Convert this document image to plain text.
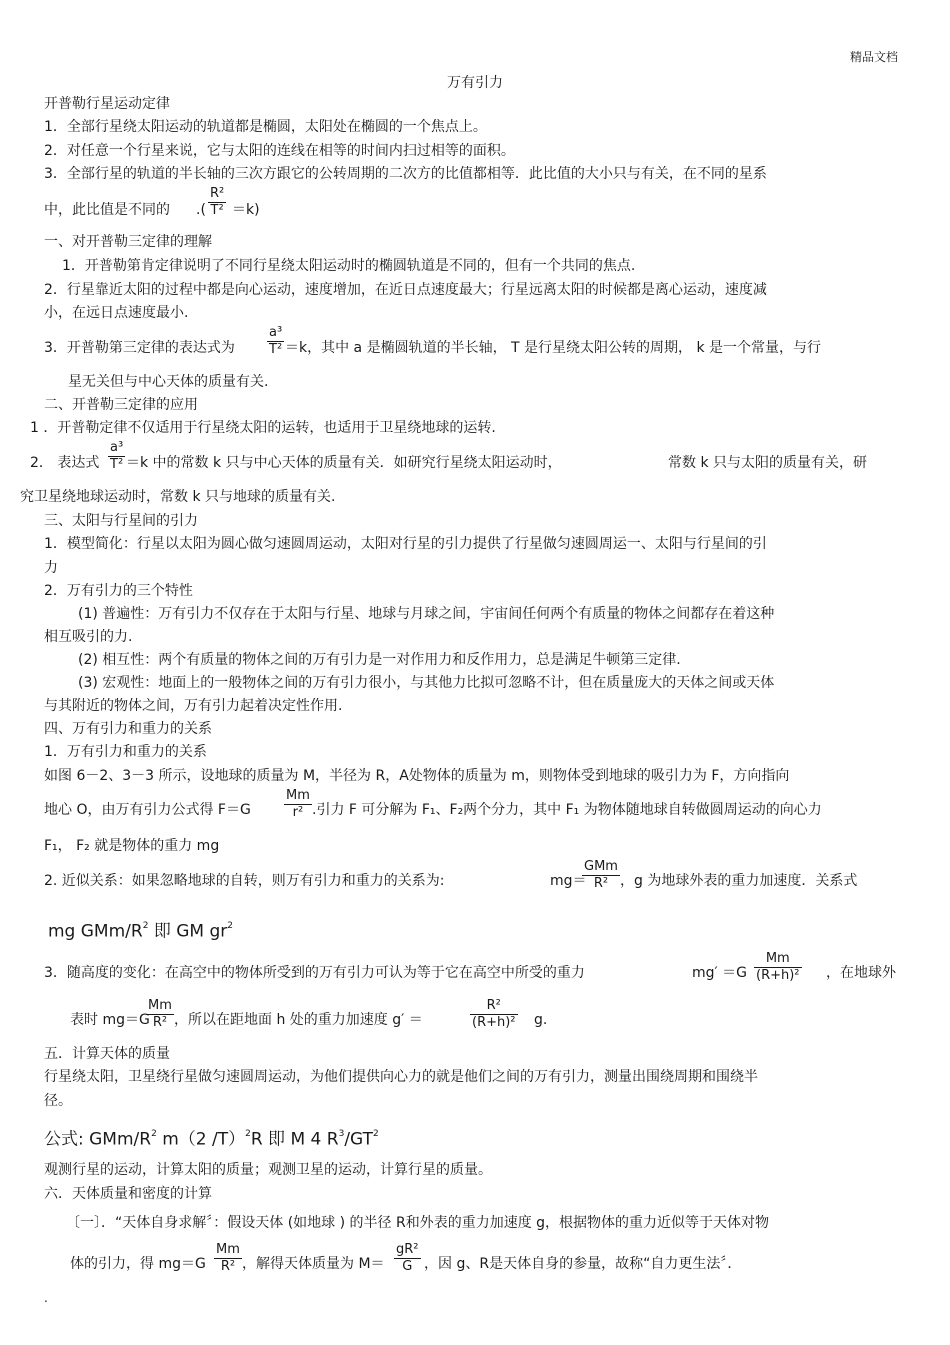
精品文档
万有引力
开普勒行星运动定律
1．全部行星绕太阳运动的轨道都是椭圆，太阳处在椭圆的一个焦点上。
2．对任意一个行星来说，它与太阳的连线在相等的时间内扫过相等的面积。
3．全部行星的轨道的半长轴的三次方跟它的公转周期的二次方的比值都相等．此比值的大小只与有关，在不同的星系
中，此比值是不同的 .(
R²
T² ＝k)
一、对开普勒三定律的理解
1．开普勒第肯定律说明了不同行星绕太阳运动时的椭圆轨道是不同的，但有一个共同的焦点.
2．行星靠近太阳的过程中都是向心运动，速度增加，在近日点速度最大；行星远离太阳的时候都是离心运动，速度减
小，在远日点速度最小.
3．开普勒第三定律的表达式为
a³
T² ＝k，其中 a 是椭圆轨道的半长轴， T 是行星绕太阳公转的周期， k 是一个常量，与行
星无关但与中心天体的质量有关.
二、开普勒三定律的应用
1 ．开普勒定律不仅适用于行星绕太阳的运转，也适用于卫星绕地球的运转.
2． 表达式
a³
T² ＝k 中的常数 k 只与中心天体的质量有关．如研究行星绕太阳运动时，	常数 k 只与太阳的质量有关，研
究卫星绕地球运动时，常数 k 只与地球的质量有关.
三、太阳与行星间的引力
1．模型简化：行星以太阳为圆心做匀速圆周运动，太阳对行星的引力提供了行星做匀速圆周运一、太阳与行星间的引
力
2．万有引力的三个特性
(1) 普遍性：万有引力不仅存在于太阳与行星、地球与月球之间，宇宙间任何两个有质量的物体之间都存在着这种
相互吸引的力.
(2) 相互性：两个有质量的物体之间的万有引力是一对作用力和反作用力，总是满足牛顿第三定律.
(3) 宏观性：地面上的一般物体之间的万有引力很小，与其他力比拟可忽略不计，但在质量庞大的天体之间或天体
与其附近的物体之间，万有引力起着决定性作用.
四、万有引力和重力的关系
1．万有引力和重力的关系
如图 6－2、3－3 所示，设地球的质量为 M，半径为 R，A处物体的质量为 m，则物体受到地球的吸引力为 F，方向指向
地心 O，由万有引力公式得 F＝G
Mm
r² .引力 F 可分解为 F₁、F₂两个分力，其中 F₁ 为物体随地球自转做圆周运动的向心力
F₁， F₂ 就是物体的重力 mg
2. 近似关系：如果忽略地球的自转，则万有引力和重力的关系为:	mg＝
GMm
R² ，g 为地球外表的重力加速度．关系式
mg GMm/$R^2$ 即 GM $gr^2$
3．随高度的变化：在高空中的物体所受到的万有引力可认为等于它在高空中所受的重力	mg′ ＝G
Mm
(R+h)² ，在地球外
表时 mg＝G
Mm
R² ，所以在距地面 h 处的重力加速度 g′ ＝
R²
(R+h)² g.
五．计算天体的质量
行星绕太阳，卫星绕行星做匀速圆周运动，为他们提供向心力的就是他们之间的万有引力，测量出围绕周期和围绕半
径。
公式: GMm/$R^2$ m（2 /T）$^2$R 即 M 4 $R^3/GT^2$
观测行星的运动，计算太阳的质量；观测卫星的运动，计算行星的质量。
六．天体质量和密度的计算
〔一〕．“天体自身求解〞：假设天体 (如地球 ) 的半径 R和外表的重力加速度 g，根据物体的重力近似等于天体对物
体的引力，得 mg＝G
Mm
R² ，解得天体质量为 M＝
gR²
G ，因 g、R是天体自身的参量，故称“自力更生法〞．
.
